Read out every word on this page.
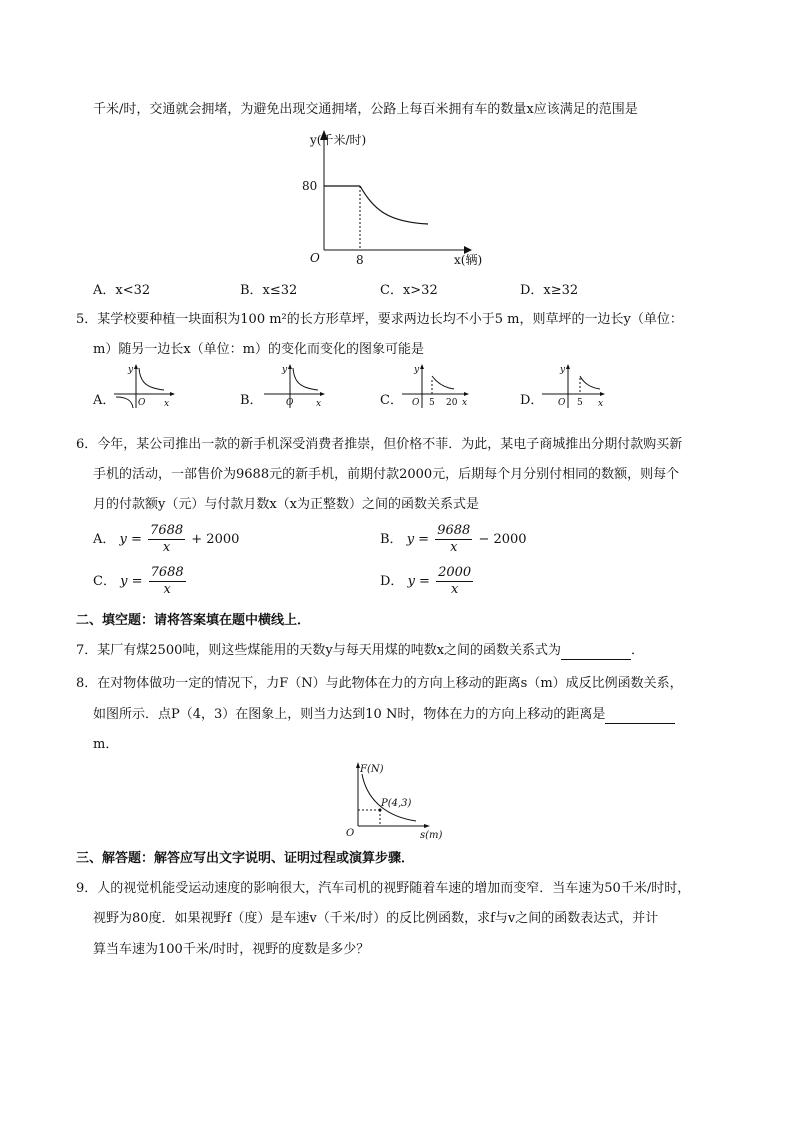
千米/时，交通就会拥堵，为避免出现交通拥堵，公路上每百米拥有车的数量x应该满足的范围是
y(千米/时)
80
8
O	x(辆)
A．x<32	B．x≤32	C．x>32	D．x≥32
5．某学校要种植一块面积为100 m²的长方形草坪，要求两边长均不小于5 m，则草坪的一边长y（单位：
m）随另一边长x（单位：m）的变化而变化的图象可能是
A．	O x
y
B．	O	x
y
C． O 5 20 x
y
D． O 5 x
y
6．今年，某公司推出一款的新手机深受消费者推崇，但价格不菲．为此，某电子商城推出分期付款购买新
手机的活动，一部售价为9688元的新手机，前期付款2000元，后期每个月分别付相同的数额，则每个
月的付款额y（元）与付款月数x（x为正整数）之间的函数关系式是
A． $y = \frac{7688}{x} + 2000$	B． $y = \frac{9688}{x} - 2000$
C． $y = \frac{7688}{x}$	D． $y = \frac{2000}{x}$
二、填空题：请将答案填在题中横线上．
7．某厂有煤2500吨，则这些煤能用的天数y与每天用煤的吨数x之间的函数关系式为	．
8．在对物体做功一定的情况下，力F（N）与此物体在力的方向上移动的距离s（m）成反比例函数关系，
如图所示．点P（4，3）在图象上，则当力达到10 N时，物体在力的方向上移动的距离是
m．
F(N)
P(4,3)
O	s(m)
三、解答题：解答应写出文字说明、证明过程或演算步骤．
9．人的视觉机能受运动速度的影响很大，汽车司机的视野随着车速的增加而变窄．当车速为50千米/时时，
视野为80度．如果视野f（度）是车速v（千米/时）的反比例函数，求f与v之间的函数表达式，并计
算当车速为100千米/时时，视野的度数是多少？
